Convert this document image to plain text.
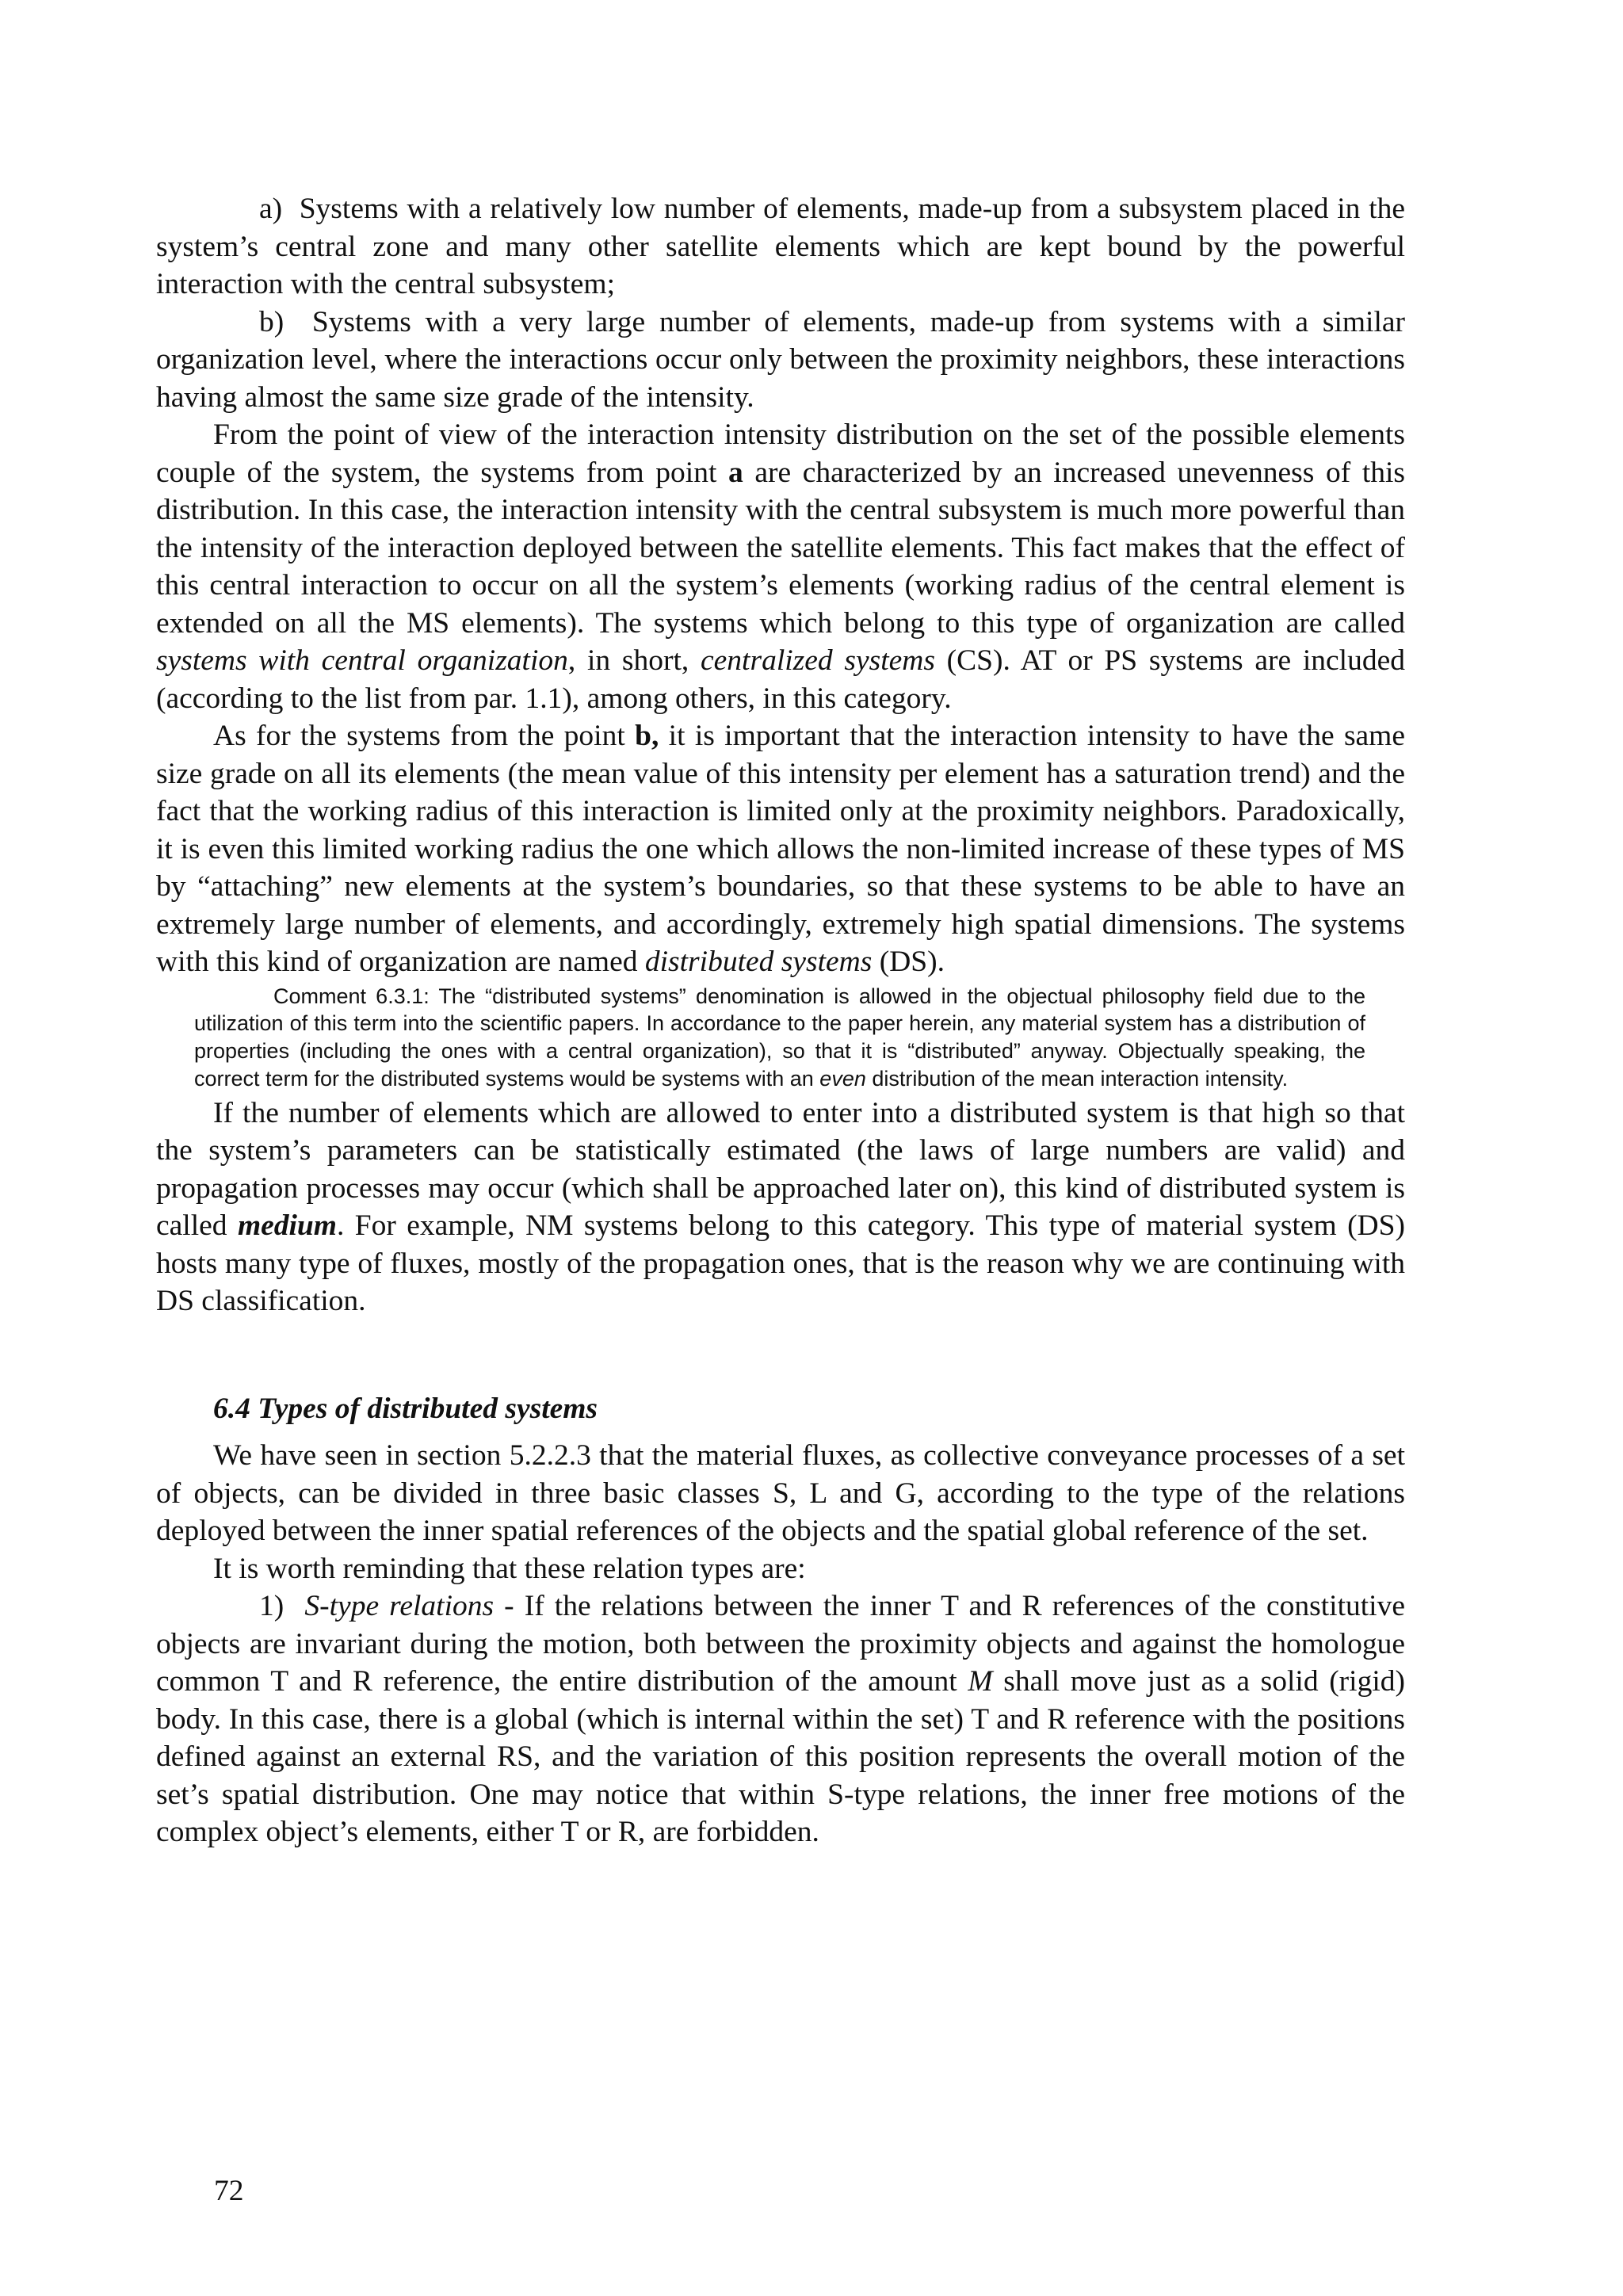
a) Systems with a relatively low number of elements, made-up from a subsystem placed in the system’s central zone and many other satellite elements which are kept bound by the powerful interaction with the central subsystem;

b) Systems with a very large number of elements, made-up from systems with a similar organization level, where the interactions occur only between the proximity neighbors, these interactions having almost the same size grade of the intensity.

From the point of view of the interaction intensity distribution on the set of the possible elements couple of the system, the systems from point a are characterized by an increased unevenness of this distribution. In this case, the interaction intensity with the central subsystem is much more powerful than the intensity of the interaction deployed between the satellite elements. This fact makes that the effect of this central interaction to occur on all the system’s elements (working radius of the central element is extended on all the MS elements). The systems which belong to this type of organization are called systems with central organization, in short, centralized systems (CS). AT or PS systems are included (according to the list from par. 1.1), among others, in this category.

As for the systems from the point b, it is important that the interaction intensity to have the same size grade on all its elements (the mean value of this intensity per element has a saturation trend) and the fact that the working radius of this interaction is limited only at the proximity neighbors. Paradoxically, it is even this limited working radius the one which allows the non-limited increase of these types of MS by “attaching” new elements at the system’s boundaries, so that these systems to be able to have an extremely large number of elements, and accordingly, extremely high spatial dimensions. The systems with this kind of organization are named distributed systems (DS).

Comment 6.3.1: The “distributed systems” denomination is allowed in the objectual philosophy field due to the utilization of this term into the scientific papers. In accordance to the paper herein, any material system has a distribution of properties (including the ones with a central organization), so that it is “distributed” anyway. Objectually speaking, the correct term for the distributed systems would be systems with an even distribution of the mean interaction intensity.

If the number of elements which are allowed to enter into a distributed system is that high so that the system’s parameters can be statistically estimated (the laws of large numbers are valid) and propagation processes may occur (which shall be approached later on), this kind of distributed system is called medium. For example, NM systems belong to this category. This type of material system (DS) hosts many type of fluxes, mostly of the propagation ones, that is the reason why we are continuing with DS classification.

6.4 Types of distributed systems

We have seen in section 5.2.2.3 that the material fluxes, as collective conveyance processes of a set of objects, can be divided in three basic classes S, L and G, according to the type of the relations deployed between the inner spatial references of the objects and the spatial global reference of the set.

It is worth reminding that these relation types are:

1) S-type relations - If the relations between the inner T and R references of the constitutive objects are invariant during the motion, both between the proximity objects and against the homologue common T and R reference, the entire distribution of the amount M shall move just as a solid (rigid) body. In this case, there is a global (which is internal within the set) T and R reference with the positions defined against an external RS, and the variation of this position represents the overall motion of the set’s spatial distribution. One may notice that within S-type relations, the inner free motions of the complex object’s elements, either T or R, are forbidden.

72
